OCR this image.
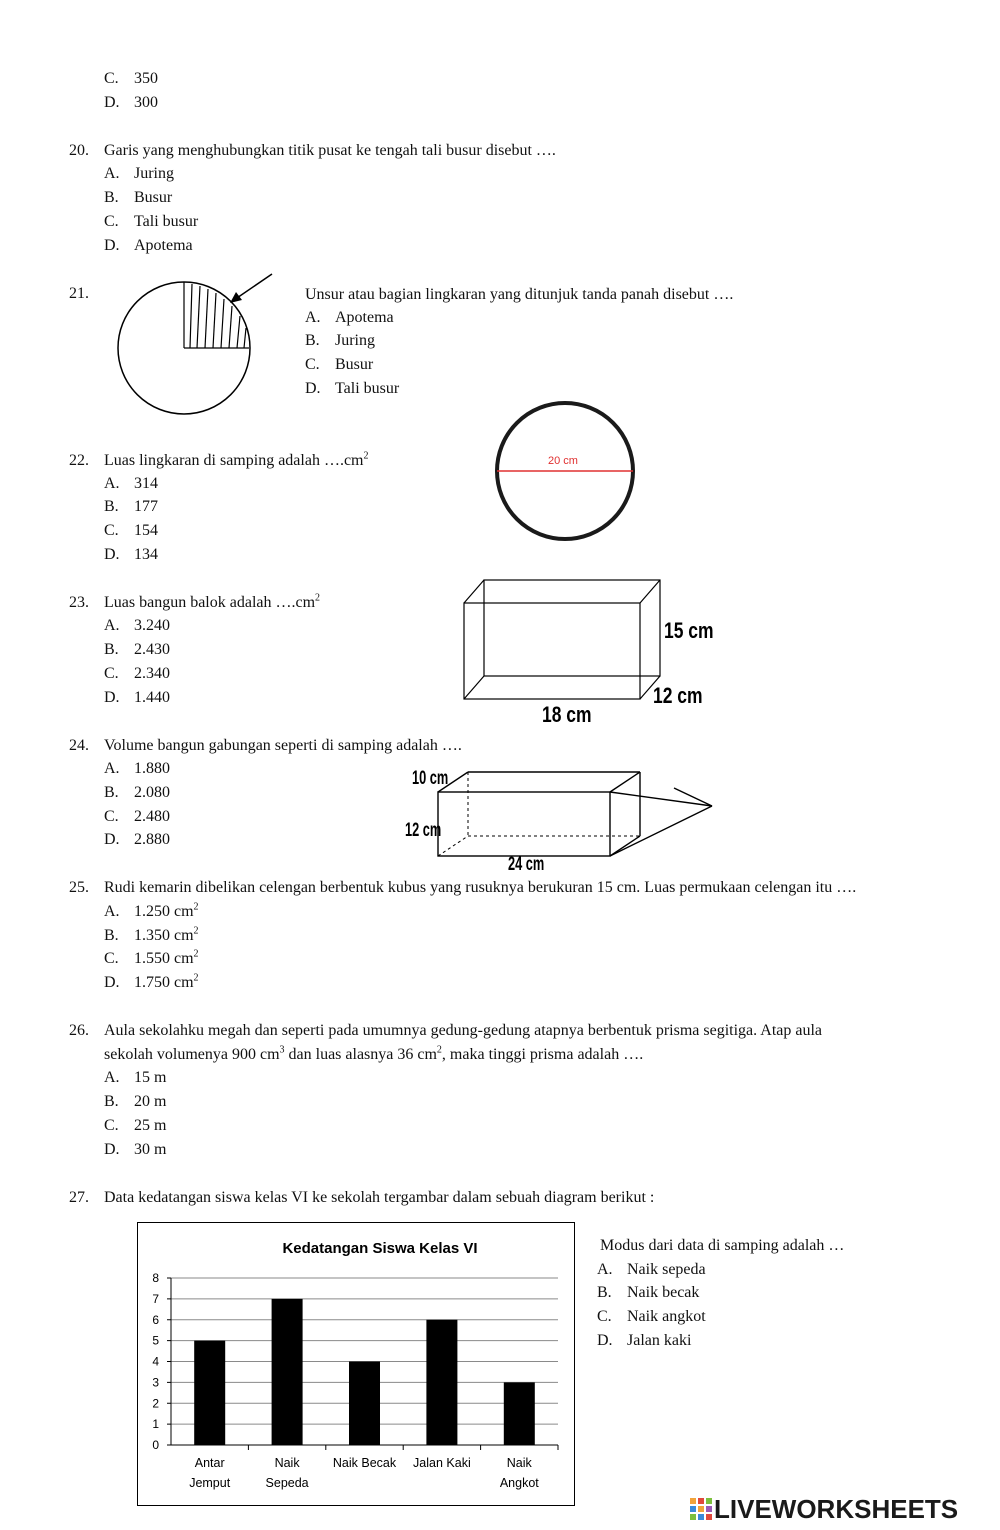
C. 350
D. 300
20. Garis yang menghubungkan titik pusat ke tengah tali busur disebut ….
A. Juring
B. Busur
C. Tali busur
D. Apotema
21.	Unsur atau bagian lingkaran yang ditunjuk tanda panah disebut ….
A. Apotema
B. Juring
C. Busur
D. Tali busur
22. Luas lingkaran di samping adalah $\dots.cm^2$
A. 314
B. 177
C. 154
D. 134
20 cm
23. Luas bangun balok adalah $\dots.cm^2$
A. 3.240
B. 2.430
C. 2.340
D. 1.440
15 cm
12 cm
18 cm
24. Volume bangun gabungan seperti di samping adalah ….
A. 1.880
B. 2.080
C. 2.480
D. 2.880
10 cm
12 cm
24 cm
25. Rudi kemarin dibelikan celengan berbentuk kubus yang rusuknya berukuran 15 cm. Luas permukaan celengan itu ….
A. 1.250 $cm^2$
B. 1.350 $cm^2$
C. 1.550 $cm^2$
D. 1.750 $cm^2$
26. Aula sekolahku megah dan seperti pada umumnya gedung-gedung atapnya berbentuk prisma segitiga. Atap aula
sekolah volumenya 900 $cm^3$ dan luas alasnya 36 $cm^2$, maka tinggi prisma adalah ….
A. 15 m
B. 20 m
C. 25 m
D. 30 m
27. Data kedatangan siswa kelas VI ke sekolah tergambar dalam sebuah diagram berikut :
Kedatangan Siswa Kelas VI
0
1
2
3
4
5
6
7
8
Antar
Jemput
Naik
Sepeda
Naik Becak Jalan Kaki	Naik
Angkot
Modus dari data di samping adalah …
A. Naik sepeda
B. Naik becak
C. Naik angkot
D. Jalan kaki
LIVEWORKSHEETS
